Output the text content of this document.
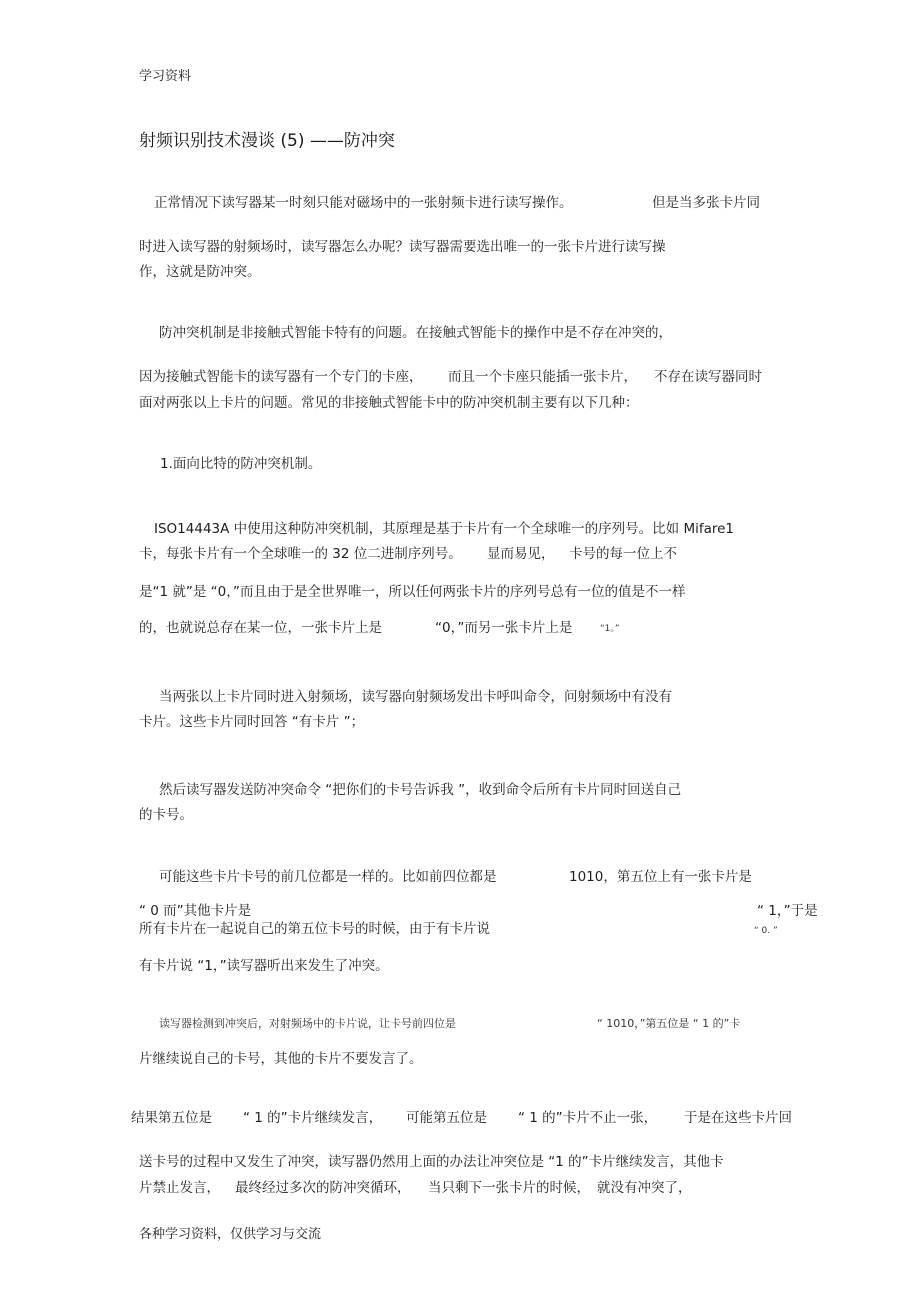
学习资料
射频识别技术漫谈 (5) ——防冲突
正常情况下读写器某一时刻只能对磁场中的一张射频卡进行读写操作。	但是当多张卡片同
时进入读写器的射频场时，读写器怎么办呢？读写器需要选出唯一的一张卡片进行读写操
作，这就是防冲突。
防冲突机制是非接触式智能卡特有的问题。在接触式智能卡的操作中是不存在冲突的，
因为接触式智能卡的读写器有一个专门的卡座， 而且一个卡座只能插一张卡片， 不存在读写器同时
面对两张以上卡片的问题。常见的非接触式智能卡中的防冲突机制主要有以下几种：
1.面向比特的防冲突机制。
ISO14443A 中使用这种防冲突机制，其原理是基于卡片有一个全球唯一的序列号。比如 Mifare1
卡，每张卡片有一个全球唯一的 32 位二进制序列号。 显而易见， 卡号的每一位上不
是“1 就”是 “0，”而且由于是全世界唯一，所以任何两张卡片的序列号总有一位的值是不一样
的，也就说总存在某一位，一张卡片上是	“0，”而另一张卡片上是	“1。”
当两张以上卡片同时进入射频场，读写器向射频场发出卡呼叫命令，问射频场中有没有
卡片。这些卡片同时回答 “有卡片 ”；
然后读写器发送防冲突命令 “把你们的卡号告诉我 ”，收到命令后所有卡片同时回送自己
的卡号。
可能这些卡片卡号的前几位都是一样的。比如前四位都是	1010，第五位上有一张卡片是
“ 0 而”其他卡片是	“ 1，”于是
所有卡片在一起说自己的第五位卡号的时候，由于有卡片说	“ 0. ”
有卡片说 “1，”读写器听出来发生了冲突。
读写器检测到冲突后，对射频场中的卡片说，让卡号前四位是	“ 1010，”第五位是 “ 1 的”卡
片继续说自己的卡号，其他的卡片不要发言了。
结果第五位是 “ 1 的”卡片继续发言， 可能第五位是 “ 1 的”卡片不止一张， 于是在这些卡片回
送卡号的过程中又发生了冲突，读写器仍然用上面的办法让冲突位是 “1 的”卡片继续发言，其他卡
片禁止发言， 最终经过多次的防冲突循环， 当只剩下一张卡片的时候， 就没有冲突了，
各种学习资料，仅供学习与交流
